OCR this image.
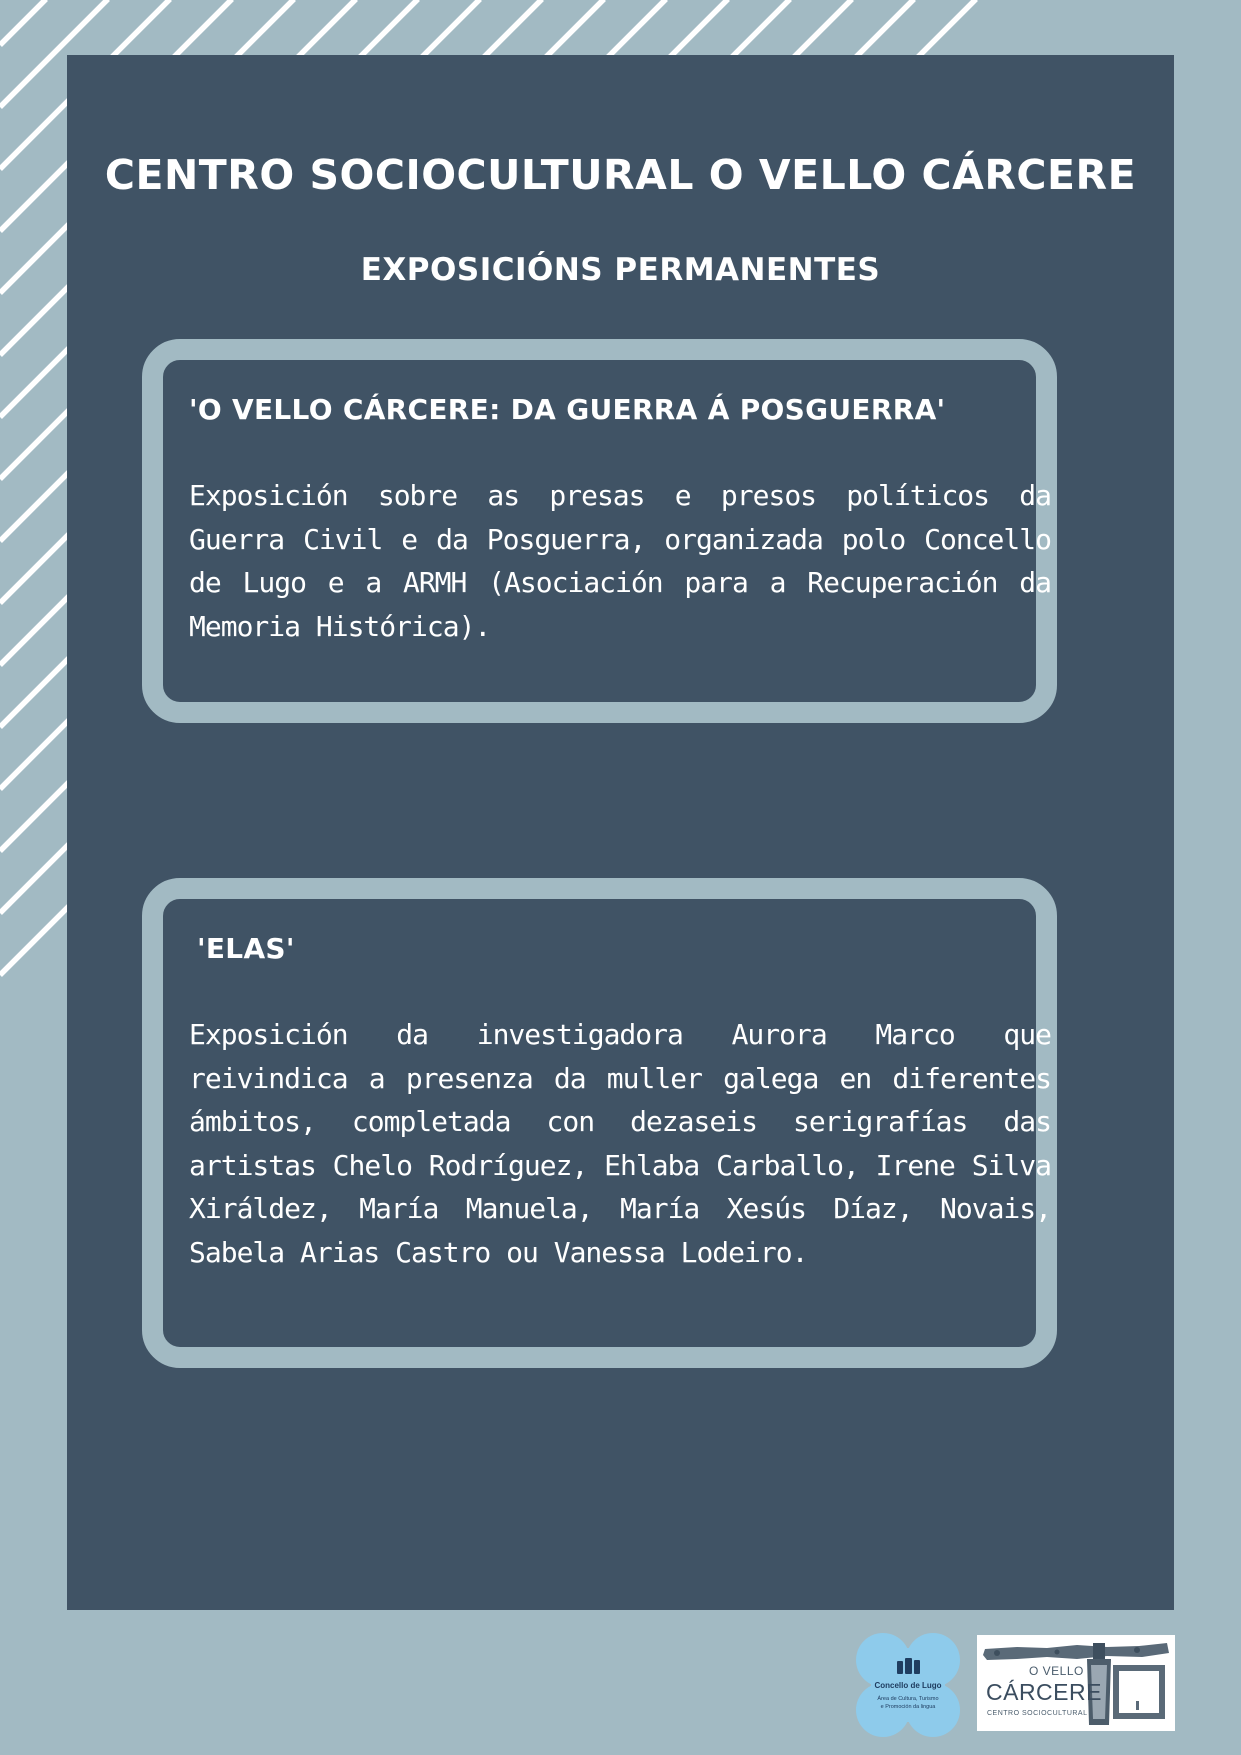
CENTRO SOCIOCULTURAL O VELLO CÁRCERE
EXPOSICIÓNS PERMANENTES
'O VELLO CÁRCERE: DA GUERRA Á POSGUERRA'

Exposición sobre as presas e presos políticos da Guerra Civil e da Posguerra, organizada polo Concello de Lugo e a ARMH (Asociación para a Recuperación da Memoria Histórica).

'ELAS'

Exposición da investigadora Aurora Marco que reivindica a presenza da muller galega en diferentes ámbitos, completada con dezaseis serigrafías das artistas Chelo Rodríguez, Ehlaba Carballo, Irene Silva Xiráldez, María Manuela, María Xesús Díaz, Novais, Sabela Arias Castro ou Vanessa Lodeiro.

Concello de Lugo
Área de Cultura, Turismo
e Promoción da lingua
O VELLO
CÁRCERE
CENTRO SOCIOCULTURAL
